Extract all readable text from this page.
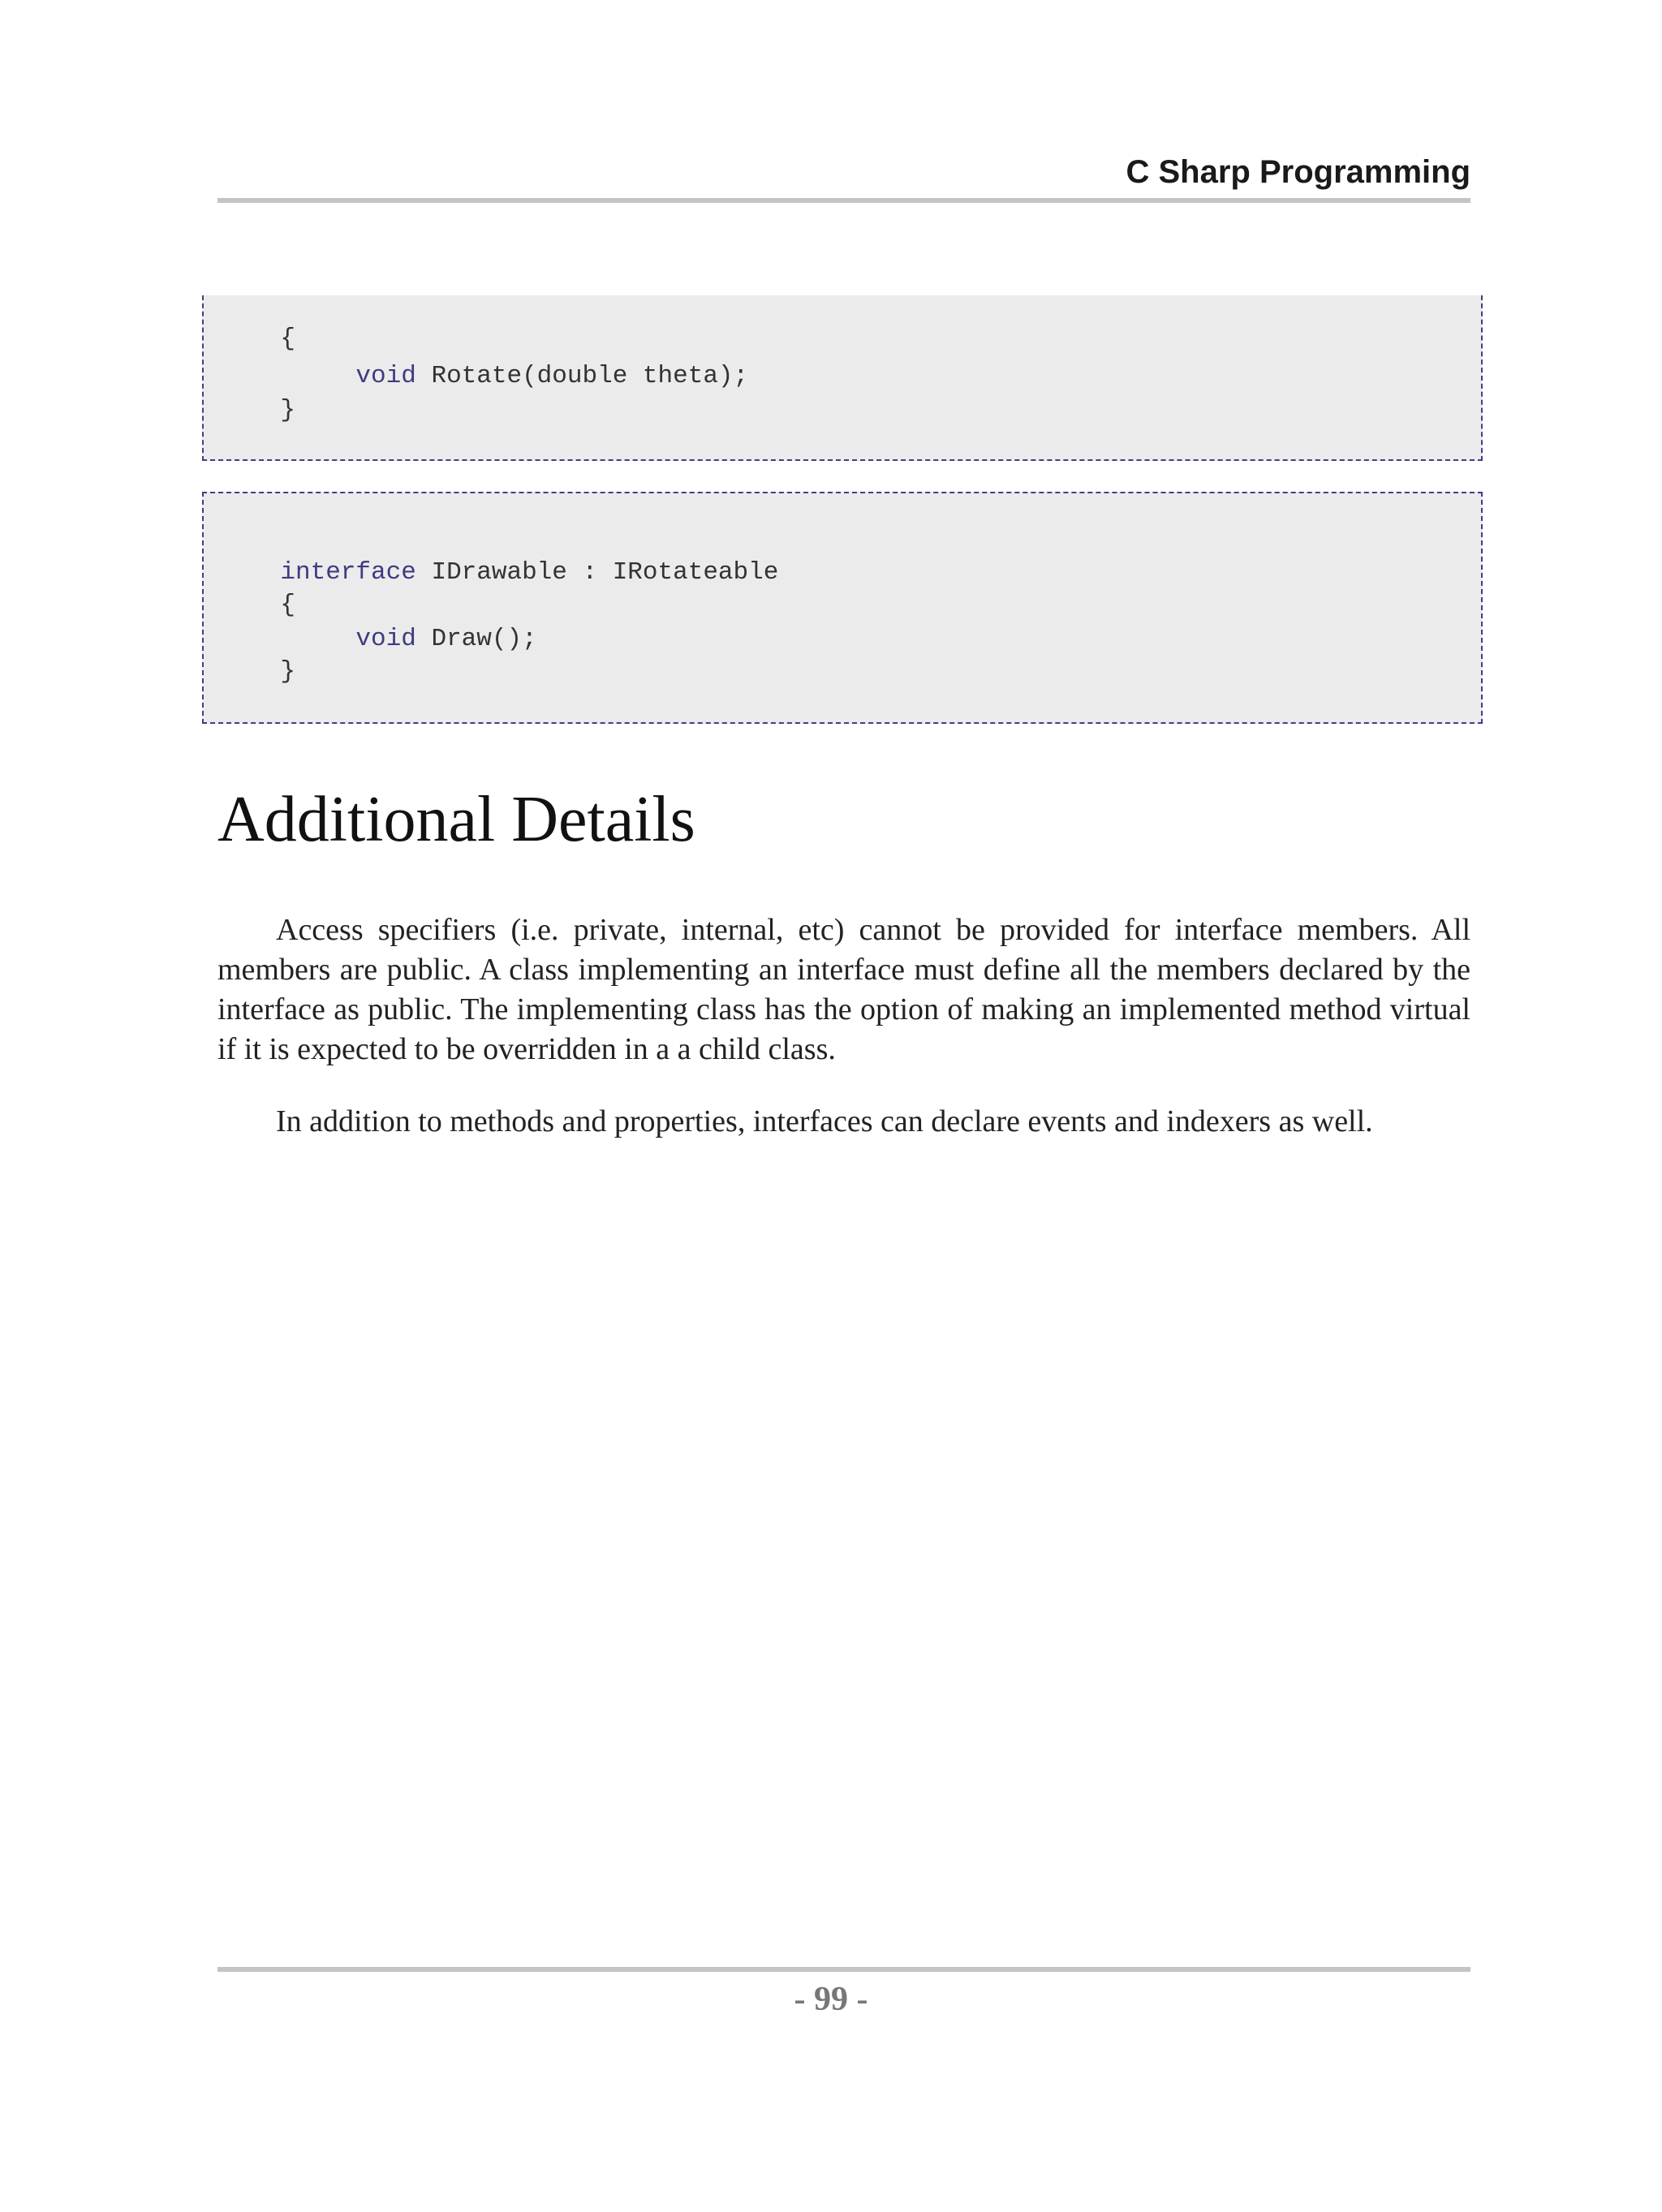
C Sharp Programming

{

void Rotate(double theta);

}

interface IDrawable : IRotateable

{

void Draw();

}

Additional Details

Access specifiers (i.e. private, internal, etc) cannot be provided for interface members. All members are public. A class implementing an interface must define all the members declared by the interface as public. The implementing class has the option of making an implemented method virtual if it is expected to be overridden in a a child class.

In addition to methods and properties, interfaces can declare events and indexers as well.

- 99 -
